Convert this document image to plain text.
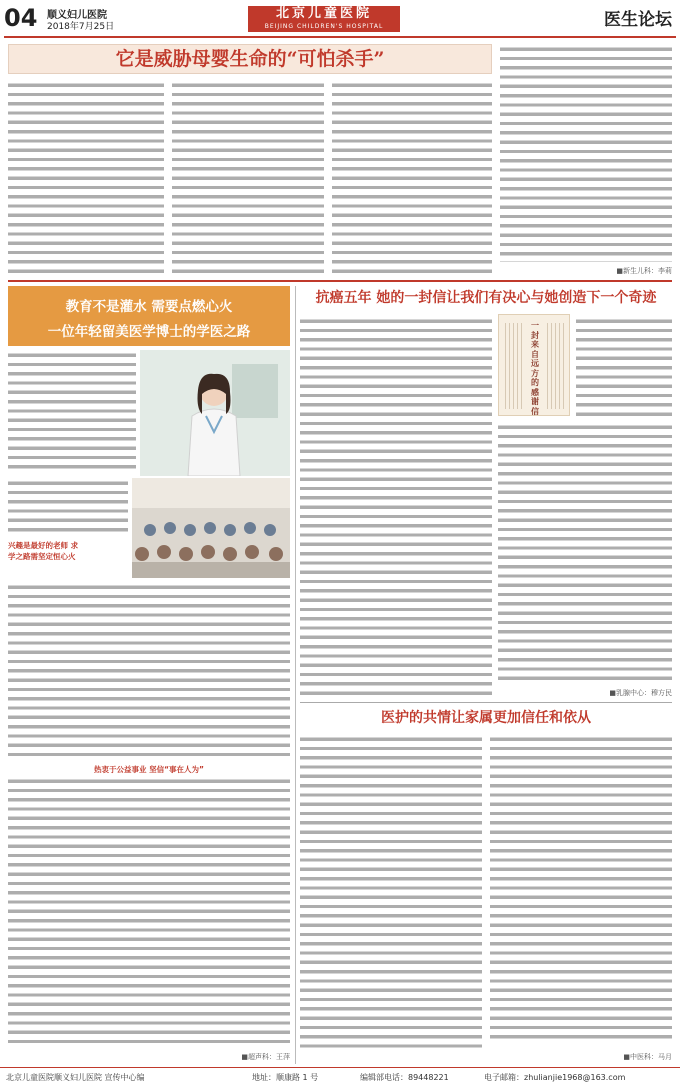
04 顺义妇儿医院
2018年7月25日
北京儿童医院
BEIJING CHILDREN'S HOSPITAL	医生论坛
它是威胁母婴生命的“可怕杀手”
■新生儿科：李莉
教育不是灌水 需要点燃心火
一位年轻留美医学博士的学医之路
兴趣是最好的老师 求
学之路需坚定恒心火
热衷于公益事业 坚信“事在人为”
■超声科：王萍
抗癌五年 她的一封信让我们有决心与她创造下一个奇迹
一封来自远方的感谢信
■乳腺中心：穆方民
医护的共情让家属更加信任和依从
■中医科：马月
北京儿童医院顺义妇儿医院 宣传中心编	地址：顺康路 1 号	编辑部电话：89448221	电子邮箱：zhulianjie1968@163.com
